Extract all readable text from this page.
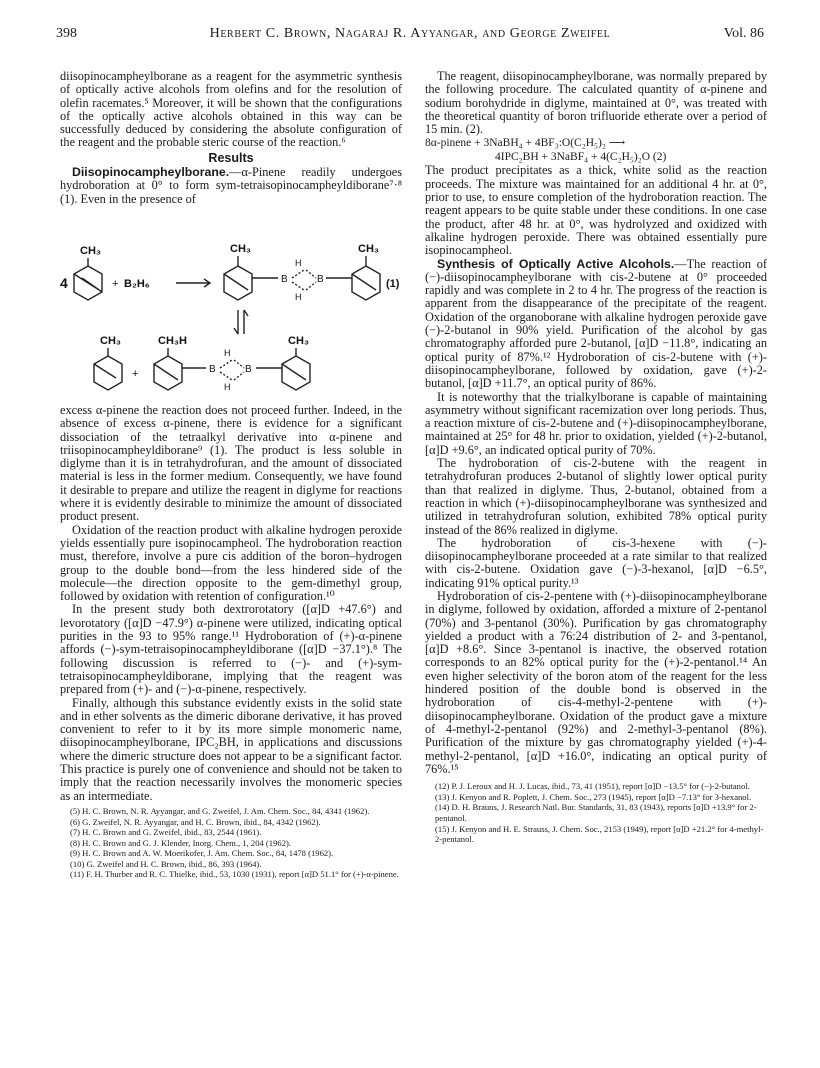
398	Herbert C. Brown, Nagaraj R. Ayyangar, and George Zweifel	Vol. 86

diisopinocampheylborane as a reagent for the asymmetric synthesis of optically active alcohols from olefins and for the resolution of olefin racemates.⁵ Moreover, it will be shown that the configurations of the optically active alcohols obtained in this way can be successfully deduced by considering the absolute configuration of the reagent and the probable steric course of the reaction.⁶

Results

Diisopinocampheylborane.—α-Pinene readily undergoes hydroboration at 0° to form sym-tetraisopinocampheyldiborane⁷·⁸ (1). Even in the presence of

4
CH₃
+ B₂H₆
CH₃	CH₃
H
H
B	B	(1)
CH₃
+
CH₃H	CH₃
H
H
B	B

excess α-pinene the reaction does not proceed further. Indeed, in the absence of excess α-pinene, there is evidence for a significant dissociation of the tetraalkyl derivative into α-pinene and triisopinocampheyldiborane⁹ (1). The product is less soluble in diglyme than it is in tetrahydrofuran, and the amount of dissociated material is less in the former medium. Consequently, we have found it desirable to prepare and utilize the reagent in diglyme for reactions where it is evidently desirable to minimize the amount of dissociated product present.

Oxidation of the reaction product with alkaline hydrogen peroxide yields essentially pure isopinocampheol. The hydroboration reaction must, therefore, involve a pure cis addition of the boron–hydrogen group to the double bond—from the less hindered side of the molecule—the direction opposite to the gem-dimethyl group, followed by oxidation with retention of configuration.¹⁰

In the present study both dextrorotatory ([α]D +47.6°) and levorotatory ([α]D −47.9°) α-pinene were utilized, indicating optical purities in the 93 to 95% range.¹¹ Hydroboration of (+)-α-pinene affords (−)-sym-tetraisopinocampheyldiborane ([α]D −37.1°).⁸ The following discussion is referred to (−)- and (+)-sym-tetraisopinocampheyldiborane, implying that the reagent was prepared from (+)- and (−)-α-pinene, respectively.

Finally, although this substance evidently exists in the solid state and in ether solvents as the dimeric diborane derivative, it has proved convenient to refer to it by its more simple monomeric name, diisopinocampheylborane, IPC₂BH, in applications and discussions where the dimeric structure does not appear to be a significant factor. This practice is purely one of convenience and should not be taken to imply that the reaction necessarily involves the monomeric species as an intermediate.

(5) H. C. Brown, N. R. Ayyangar, and G. Zweifel, J. Am. Chem. Soc., 84, 4341 (1962).

(6) G. Zweifel, N. R. Ayyangar, and H. C. Brown, ibid., 84, 4342 (1962).

(7) H. C. Brown and G. Zweifel, ibid., 83, 2544 (1961).

(8) H. C. Brown and G. J. Klender, Inorg. Chem., 1, 204 (1962).

(9) H. C. Brown and A. W. Moerikofer, J. Am. Chem. Soc., 84, 1478 (1962).

(10) G. Zweifel and H. C. Brown, ibid., 86, 393 (1964).

(11) F. H. Thurber and R. C. Thielke, ibid., 53, 1030 (1931), report [α]D 51.1° for (+)-α-pinene.

The reagent, diisopinocampheylborane, was normally prepared by the following procedure. The calculated quantity of α-pinene and sodium borohydride in diglyme, maintained at 0°, was treated with the theoretical quantity of boron trifluoride etherate over a period of 15 min. (2).

8α-pinene + 3NaBH₄ + 4BF₃:O(C₂H₅)₂ ⟶
4IPC₂BH + 3NaBF₄ + 4(C₂H₅)₂O (2)

The product precipitates as a thick, white solid as the reaction proceeds. The mixture was maintained for an additional 4 hr. at 0°, prior to use, to ensure completion of the hydroboration reaction. The reagent appears to be quite stable under these conditions. In one case the product, after 48 hr. at 0°, was hydrolyzed and oxidized with alkaline hydrogen peroxide. There was obtained essentially pure isopinocampheol.

Synthesis of Optically Active Alcohols.—The reaction of (−)-diisopinocampheylborane with cis-2-butene at 0° proceeded rapidly and was complete in 2 to 4 hr. The progress of the reaction is apparent from the disappearance of the precipitate of the reagent. Oxidation of the organoborane with alkaline hydrogen peroxide gave (−)-2-butanol in 90% yield. Purification of the alcohol by gas chromatography afforded pure 2-butanol, [α]D −11.8°, indicating an optical purity of 87%.¹² Hydroboration of cis-2-butene with (+)-diisopinocampheylborane, followed by oxidation, gave (+)-2-butanol, [α]D +11.7°, an optical purity of 86%.

It is noteworthy that the trialkylborane is capable of maintaining asymmetry without significant racemization over long periods. Thus, a reaction mixture of cis-2-butene and (+)-diisopinocampheylborane, maintained at 25° for 48 hr. prior to oxidation, yielded (+)-2-butanol, [α]D +9.6°, an indicated optical purity of 70%.

The hydroboration of cis-2-butene with the reagent in tetrahydrofuran produces 2-butanol of slightly lower optical purity than that realized in diglyme. Thus, 2-butanol, obtained from a reaction in which (+)-diisopinocampheylborane was synthesized and utilized in tetrahydrofuran solution, exhibited 78% optical purity instead of the 86% realized in diglyme.

The hydroboration of cis-3-hexene with (−)-diisopinocampheylborane proceeded at a rate similar to that realized with cis-2-butene. Oxidation gave (−)-3-hexanol, [α]D −6.5°, indicating 91% optical purity.¹³

Hydroboration of cis-2-pentene with (+)-diisopinocampheylborane in diglyme, followed by oxidation, afforded a mixture of 2-pentanol (70%) and 3-pentanol (30%). Purification by gas chromatography yielded a product with a 76:24 distribution of 2- and 3-pentanol, [α]D +8.6°. Since 3-pentanol is inactive, the observed rotation corresponds to an 82% optical purity for the (+)-2-pentanol.¹⁴ An even higher selectivity of the boron atom of the reagent for the less hindered position of the double bond is observed in the hydroboration of cis-4-methyl-2-pentene with (+)-diisopinocampheylborane. Oxidation of the product gave a mixture of 4-methyl-2-pentanol (92%) and 2-methyl-3-pentanol (8%). Purification of the mixture by gas chromatography yielded (+)-4-methyl-2-pentanol, [α]D +16.0°, indicating an optical purity of 76%.¹⁵

(12) P. J. Leroux and H. J. Lucas, ibid., 73, 41 (1951), report [α]D −13.5° for (−)-2-butanol.

(13) J. Kenyon and R. Poplett, J. Chem. Soc., 273 (1945), report [α]D −7.13° for 3-hexanol.

(14) D. H. Brauns, J. Research Natl. Bur. Standards, 31, 83 (1943), reports [α]D +13.9° for 2-pentanol.

(15) J. Kenyon and H. E. Strauss, J. Chem. Soc., 2153 (1949), report [α]D +21.2° for 4-methyl-2-pentanol.
